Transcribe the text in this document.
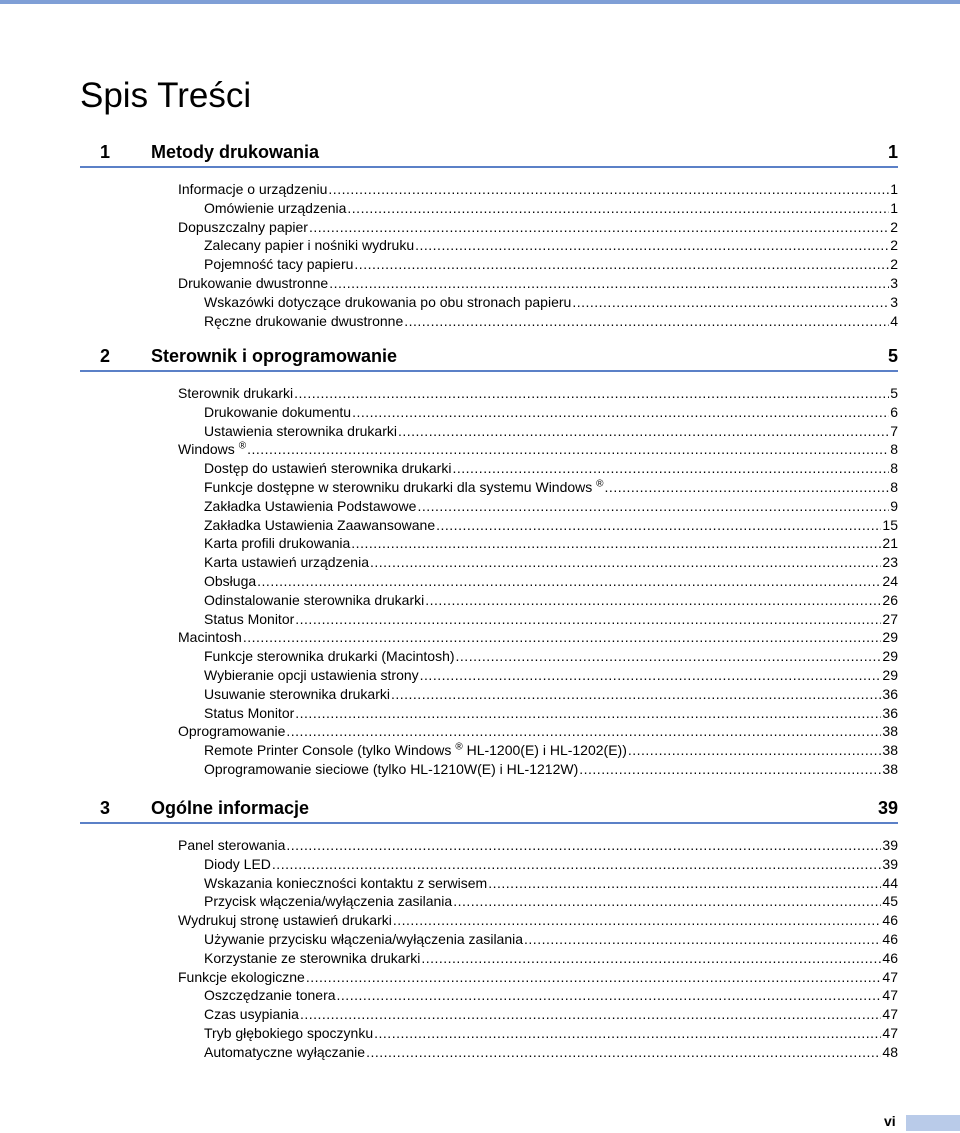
Spis Treści
1 Metody drukowania	1
Informacje o urządzeniu .....	1
Omówienie urządzenia .....	1
Dopuszczalny papier .....	2
Zalecany papier i nośniki wydruku .....	2
Pojemność tacy papieru .....	2
Drukowanie dwustronne .....	3
Wskazówki dotyczące drukowania po obu stronach papieru .....	3
Ręczne drukowanie dwustronne .....	4
2 Sterownik i oprogramowanie	5
Sterownik drukarki .....	5
Drukowanie dokumentu .....	6
Ustawienia sterownika drukarki .....	7
Windows ® .....	8
Dostęp do ustawień sterownika drukarki .....	8
Funkcje dostępne w sterowniku drukarki dla systemu Windows ® .....	8
Zakładka Ustawienia Podstawowe .....	9
Zakładka Ustawienia Zaawansowane .....	15
Karta profili drukowania .....	21
Karta ustawień urządzenia .....	23
Obsługa .....	24
Odinstalowanie sterownika drukarki .....	26
Status Monitor .....	27
Macintosh .....	29
Funkcje sterownika drukarki (Macintosh) .....	29
Wybieranie opcji ustawienia strony .....	29
Usuwanie sterownika drukarki .....	36
Status Monitor .....	36
Oprogramowanie .....	38
Remote Printer Console (tylko Windows ® HL-1200(E) i HL-1202(E)) .....	38
Oprogramowanie sieciowe (tylko HL-1210W(E) i HL-1212W) .....	38
3 Ogólne informacje	39
Panel sterowania .....	39
Diody LED .....	39
Wskazania konieczności kontaktu z serwisem .....	44
Przycisk włączenia/wyłączenia zasilania .....	45
Wydrukuj stronę ustawień drukarki .....	46
Używanie przycisku włączenia/wyłączenia zasilania .....	46
Korzystanie ze sterownika drukarki .....	46
Funkcje ekologiczne .....	47
Oszczędzanie tonera .....	47
Czas usypiania .....	47
Tryb głębokiego spoczynku .....	47
Automatyczne wyłączanie .....	48
vi
